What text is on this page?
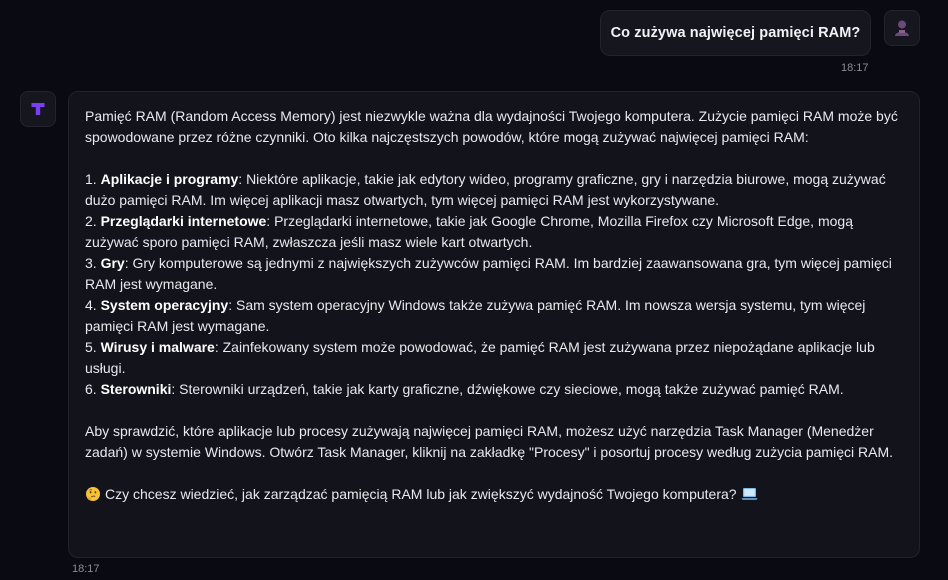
Co zużywa najwięcej pamięci RAM?
18:17

Pamięć RAM (Random Access Memory) jest niezwykle ważna dla wydajności Twojego komputera. Zużycie pamięci RAM może być spowodowane przez różne czynniki. Oto kilka najczęstszych powodów, które mogą zużywać najwięcej pamięci RAM:

1. Aplikacje i programy: Niektóre aplikacje, takie jak edytory wideo, programy graficzne, gry i narzędzia biurowe, mogą zużywać dużo pamięci RAM. Im więcej aplikacji masz otwartych, tym więcej pamięci RAM jest wykorzystywane.

2. Przeglądarki internetowe: Przeglądarki internetowe, takie jak Google Chrome, Mozilla Firefox czy Microsoft Edge, mogą zużywać sporo pamięci RAM, zwłaszcza jeśli masz wiele kart otwartych.

3. Gry: Gry komputerowe są jednymi z największych zużywców pamięci RAM. Im bardziej zaawansowana gra, tym więcej pamięci RAM jest wymagane.

4. System operacyjny: Sam system operacyjny Windows także zużywa pamięć RAM. Im nowsza wersja systemu, tym więcej pamięci RAM jest wymagane.

5. Wirusy i malware: Zainfekowany system może powodować, że pamięć RAM jest zużywana przez niepożądane aplikacje lub usługi.

6. Sterowniki: Sterowniki urządzeń, takie jak karty graficzne, dźwiękowe czy sieciowe, mogą także zużywać pamięć RAM.

Aby sprawdzić, które aplikacje lub procesy zużywają najwięcej pamięci RAM, możesz użyć narzędzia Task Manager (Menedżer zadań) w systemie Windows. Otwórz Task Manager, kliknij na zakładkę "Procesy" i posortuj procesy według zużycia pamięci RAM.

Czy chcesz wiedzieć, jak zarządzać pamięcią RAM lub jak zwiększyć wydajność Twojego komputera?

18:17
